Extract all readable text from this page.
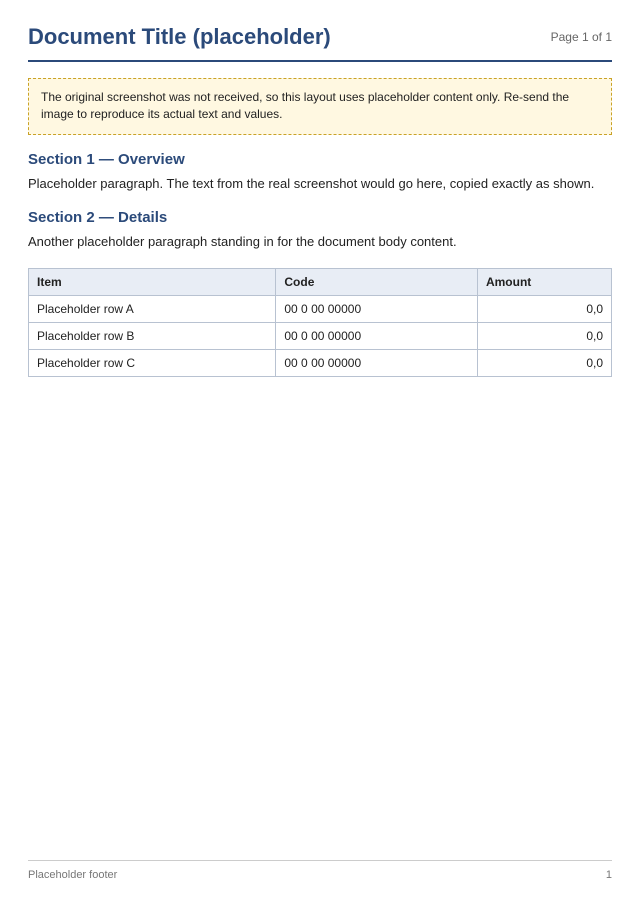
Document Title (placeholder)	Page 1 of 1
The original screenshot was not received, so this layout uses placeholder content only. Re-send the image to reproduce its actual text and values.
Section 1 — Overview

Placeholder paragraph. The text from the real screenshot would go here, copied exactly as shown.

Section 2 — Details

Another placeholder paragraph standing in for the document body content.

Item	Code	Amount
Placeholder row A	00 0 00 00000	0,0
Placeholder row B	00 0 00 00000	0,0
Placeholder row C	00 0 00 00000	0,0
Placeholder footer	1
